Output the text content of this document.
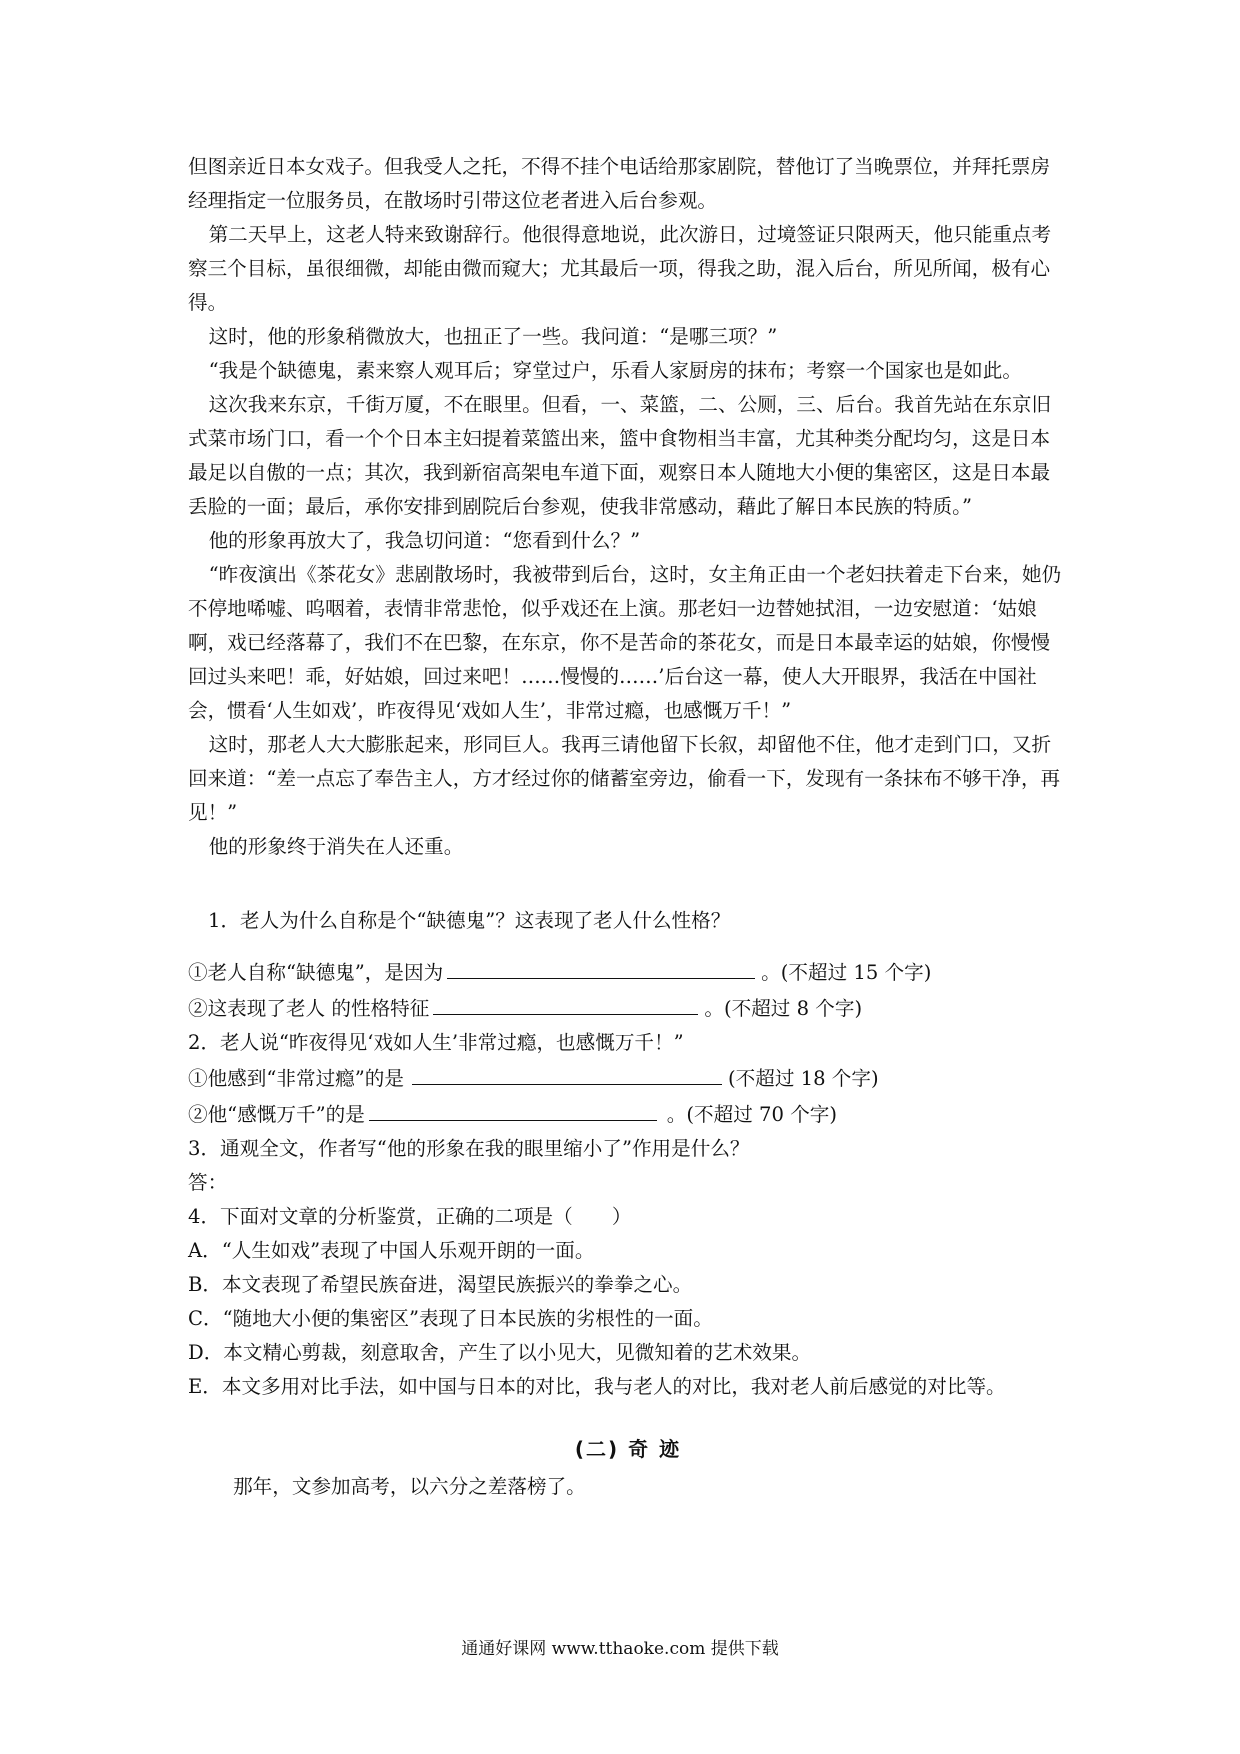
但图亲近日本女戏子。但我受人之托，不得不挂个电话给那家剧院，替他订了当晚票位，并拜托票房经理指定一位服务员，在散场时引带这位老者进入后台参观。

第二天早上，这老人特来致谢辞行。他很得意地说，此次游日，过境签证只限两天，他只能重点考察三个目标，虽很细微，却能由微而窥大；尤其最后一项，得我之助，混入后台，所见所闻，极有心得。

这时，他的形象稍微放大，也扭正了一些。我问道：“是哪三项？”

“我是个缺德鬼，素来察人观耳后；穿堂过户，乐看人家厨房的抹布；考察一个国家也是如此。

这次我来东京，千街万厦，不在眼里。但看，一、菜篮，二、公厕，三、后台。我首先站在东京旧式菜市场门口，看一个个日本主妇提着菜篮出来，篮中食物相当丰富，尤其种类分配均匀，这是日本最足以自傲的一点；其次，我到新宿高架电车道下面，观察日本人随地大小便的集密区，这是日本最丢脸的一面；最后，承你安排到剧院后台参观，使我非常感动，藉此了解日本民族的特质。”

他的形象再放大了，我急切问道：“您看到什么？”

“昨夜演出《茶花女》悲剧散场时，我被带到后台，这时，女主角正由一个老妇扶着走下台来，她仍不停地唏嘘、呜咽着，表情非常悲怆，似乎戏还在上演。那老妇一边替她拭泪，一边安慰道：‘姑娘啊，戏已经落幕了，我们不在巴黎，在东京，你不是苦命的茶花女，而是日本最幸运的姑娘，你慢慢回过头来吧！乖，好姑娘，回过来吧！……慢慢的……’后台这一幕，使人大开眼界，我活在中国社会，惯看‘人生如戏’，昨夜得见‘戏如人生’，非常过瘾，也感慨万千！”

这时，那老人大大膨胀起来，形同巨人。我再三请他留下长叙，却留他不住，他才走到门口，又折回来道：“差一点忘了奉告主人，方才经过你的储蓄室旁边，偷看一下，发现有一条抹布不够干净，再见！”

他的形象终于消失在人还重。

1．老人为什么自称是个“缺德鬼”？这表现了老人什么性格？

①老人自称“缺德鬼”，是因为	。(不超过 15 个字)

②这表现了老人 的性格特征	。(不超过 8 个字)

2．老人说“昨夜得见‘戏如人生’非常过瘾，也感慨万千！”

①他感到“非常过瘾”的是	(不超过 18 个字)

②他“感慨万千”的是	。(不超过 70 个字)

3．通观全文，作者写“他的形象在我的眼里缩小了”作用是什么？

答：

4．下面对文章的分析鉴赏，正确的二项是（　　）

A．“人生如戏”表现了中国人乐观开朗的一面。

B．本文表现了希望民族奋进，渴望民族振兴的拳拳之心。

C．“随地大小便的集密区”表现了日本民族的劣根性的一面。

D．本文精心剪裁，刻意取舍，产生了以小见大，见微知着的艺术效果。

E．本文多用对比手法，如中国与日本的对比，我与老人的对比，我对老人前后感觉的对比等。

(二) 奇 迹

那年，文参加高考，以六分之差落榜了。

通通好课网 www.tthaoke.com 提供下载
